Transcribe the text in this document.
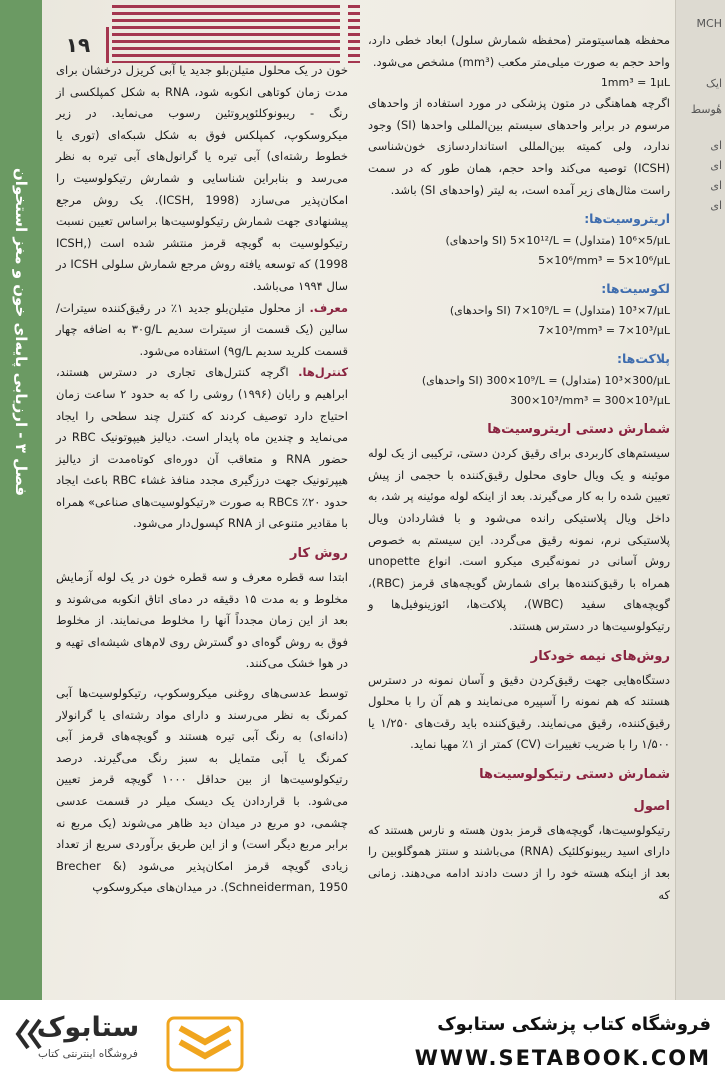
فصل ۳ - ارزیابی پایه‌ای خون و مغز استخوان
۱۹
MCH
ایک
هٔوسط
ای
ای
ای
ای

محفظه هماسیتومتر (محفظه شمارش سلول) ابعاد خطی دارد، واحد حجم به صورت میلی‌متر مکعب (mm³) مشخص می‌شود.

1mm³ = 1µL

اگرچه هماهنگی در متون پزشکی در مورد استفاده از واحدهای مرسوم در برابر واحدهای سیستم بین‌المللی واحدها (SI) وجود ندارد، ولی کمیته بین‌المللی استانداردسازی خون‌شناسی (ICSH) توصیه می‌کند واحد حجم، همان طور که در سمت راست مثال‌های زیر آمده است، به لیتر (واحدهای SI) باشد.

اریتروسیت‌ها:

(واحدهای SI) 5×10¹²/L = (متداول) 5×10⁶/µL

5×10⁶/mm³ = 5×10⁶/µL

لکوسیت‌ها:

(واحدهای SI) 7×10⁹/L = (متداول) 7×10³/µL

7×10³/mm³ = 7×10³/µL

پلاکت‌ها:

(واحدهای SI) 300×10⁹/L = (متداول) 300×10³/µL

300×10³/mm³ = 300×10³/µL

شمارش دستی اریتروسیت‌ها

سیستم‌های کاربردی برای رقیق کردن دستی، ترکیبی از یک لوله موئینه و یک ویال حاوی محلول رقیق‌کننده با حجمی از پیش تعیین شده را به کار می‌گیرند. بعد از اینکه لوله موئینه پر شد، به داخل ویال پلاستیکی رانده می‌شود و با فشاردادن ویال پلاستیکی نرم، نمونه رقیق می‌گردد. این سیستم به خصوص روش آسانی در نمونه‌گیری میکرو است. انواع unopette همراه با رقیق‌کننده‌ها برای شمارش گویچه‌های قرمز (RBC)، گویچه‌های سفید (WBC)، پلاکت‌ها، ائوزینوفیل‌ها و رتیکولوسیت‌ها در دسترس هستند.

روش‌های نیمه خودکار

دستگاه‌هایی جهت رقیق‌کردن دقیق و آسان نمونه در دسترس هستند که هم نمونه را آسپیره می‌نمایند و هم آن را با محلول رقیق‌کننده، رقیق می‌نمایند. رقیق‌کننده باید رقت‌های ۱/۲۵۰ یا ۱/۵۰۰ را با ضریب تغییرات (CV) کمتر از ۱٪ مهیا نماید.

شمارش دستی رتیکولوسیت‌ها
اصول

رتیکولوسیت‌ها، گویچه‌های قرمز بدون هسته و نارس هستند که دارای اسید ریبونوکلئیک (RNA) می‌باشند و سنتز هموگلوبین را بعد از اینکه هسته خود را از دست دادند ادامه می‌دهند. زمانی که

خون در یک محلول متیلن‌بلو جدید یا آبی کریزل درخشان برای مدت زمان کوتاهی انکوبه شود، RNA به شکل کمپلکسی از رنگ - ریبونوکلئوپروتئین رسوب می‌نماید. در زیر میکروسکوپ، کمپلکس فوق به شکل شبکه‌ای (توری یا خطوط رشته‌ای) آبی تیره یا گرانول‌های آبی تیره به نظر می‌رسد و بنابراین شناسایی و شمارش رتیکولوسیت را امکان‌پذیر می‌سازد (ICSH, 1998). یک روش مرجع پیشنهادی جهت شمارش رتیکولوسیت‌ها براساس تعیین نسبت رتیکولوسیت به گویچه قرمز منتشر شده است (ICSH, 1998) که توسعه یافته روش مرجع شمارش سلولی ICSH در سال ۱۹۹۴ می‌باشد.

معرف. از محلول متیلن‌بلو جدید ۱٪ در رقیق‌کننده سیترات/ سالین (یک قسمت از سیترات سدیم ۳۰g/L به اضافه چهار قسمت کلرید سدیم ۹g/L) استفاده می‌شود.

کنترل‌ها. اگرچه کنترل‌های تجاری در دسترس هستند، ابراهیم و رایان (۱۹۹۶) روشی را که به حدود ۲ ساعت زمان احتیاج دارد توصیف کردند که کنترل چند سطحی را ایجاد می‌نماید و چندین ماه پایدار است. دیالیز هیپوتونیک RBC در حضور RNA و متعاقب آن دوره‌ای کوتاه‌مدت از دیالیز هیپرتونیک جهت درزگیری مجدد منافذ غشاء RBC باعث ایجاد حدود ۲۰٪ RBCs به صورت «رتیکولوسیت‌های صناعی» همراه با مقادیر متنوعی از RNA کپسول‌دار می‌شود.

روش کار

ابتدا سه قطره معرف و سه قطره خون در یک لوله آزمایش مخلوط و به مدت ۱۵ دقیقه در دمای اتاق انکوبه می‌شوند و بعد از این زمان مجدداً آنها را مخلوط می‌نمایند. از مخلوط فوق به روش گوه‌ای دو گسترش روی لام‌های شیشه‌ای تهیه و در هوا خشک می‌کنند.

توسط عدسی‌های روغنی میکروسکوپ، رتیکولوسیت‌ها آبی کمرنگ به نظر می‌رسند و دارای مواد رشته‌ای یا گرانولار (دانه‌ای) به رنگ آبی تیره هستند و گویچه‌های قرمز آبی کمرنگ یا آبی متمایل به سبز رنگ می‌گیرند. درصد رتیکولوسیت‌ها از بین حداقل ۱۰۰۰ گویچه قرمز تعیین می‌شود. با قراردادن یک دیسک میلر در قسمت عدسی چشمی، دو مربع در میدان دید ظاهر می‌شوند (یک مربع نه برابر مربع دیگر است) و از این طریق برآوردی سریع از تعداد زیادی گویچه قرمز امکان‌پذیر می‌شود (Brecher & Schneiderman, 1950). در میدان‌های میکروسکوپ

ستابوک
فروشگاه اینترنتی کتاب
فروشگاه کتاب پزشکی ستابوک
WWW.SETABOOK.COM
